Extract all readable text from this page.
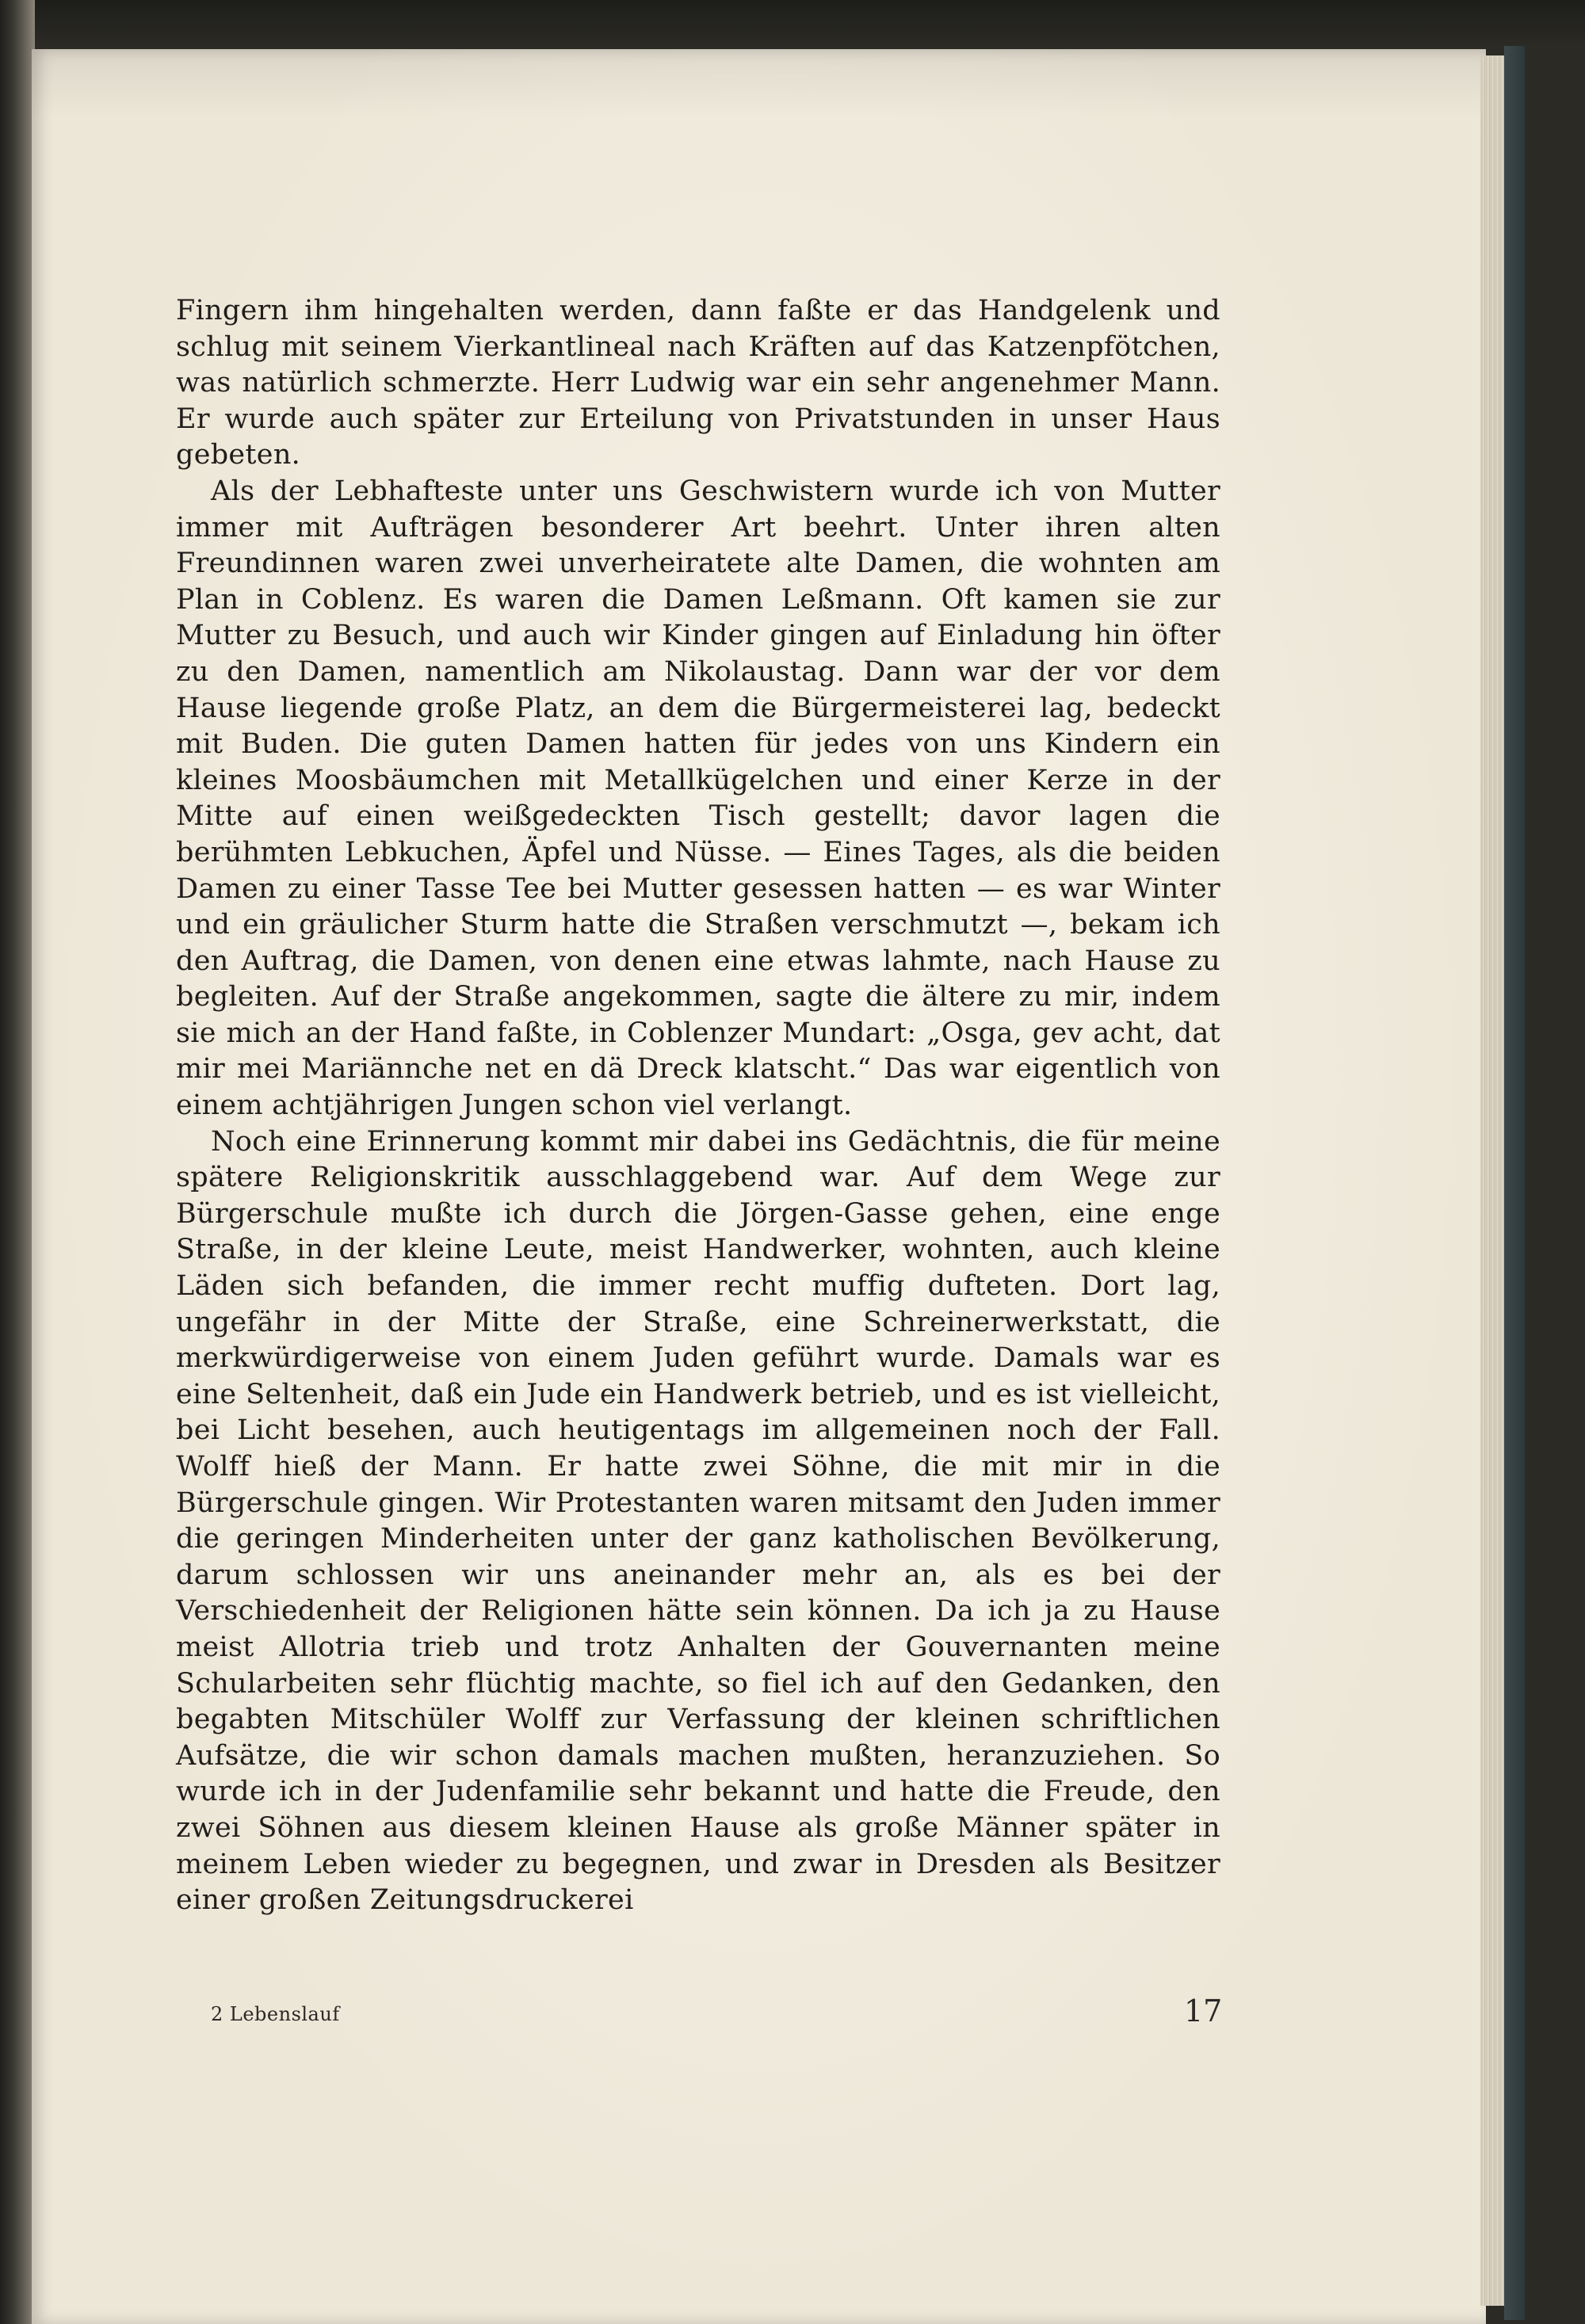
Fingern ihm hingehalten werden, dann faßte er das Handgelenk und schlug mit seinem Vierkantlineal nach Kräften auf das Katzenpfötchen, was natürlich schmerzte. Herr Ludwig war ein sehr angenehmer Mann. Er wurde auch später zur Erteilung von Privatstunden in unser Haus gebeten.

Als der Lebhafteste unter uns Geschwistern wurde ich von Mutter immer mit Aufträgen besonderer Art beehrt. Unter ihren alten Freundinnen waren zwei unverheiratete alte Damen, die wohnten am Plan in Coblenz. Es waren die Damen Leßmann. Oft kamen sie zur Mutter zu Besuch, und auch wir Kinder gingen auf Einladung hin öfter zu den Damen, namentlich am Nikolaustag. Dann war der vor dem Hause liegende große Platz, an dem die Bürgermeisterei lag, bedeckt mit Buden. Die guten Damen hatten für jedes von uns Kindern ein kleines Moosbäumchen mit Metallkügelchen und einer Kerze in der Mitte auf einen weißgedeckten Tisch gestellt; davor lagen die berühmten Lebkuchen, Äpfel und Nüsse. — Eines Tages, als die beiden Damen zu einer Tasse Tee bei Mutter gesessen hatten — es war Winter und ein gräulicher Sturm hatte die Straßen verschmutzt —, bekam ich den Auftrag, die Damen, von denen eine etwas lahmte, nach Hause zu begleiten. Auf der Straße angekommen, sagte die ältere zu mir, indem sie mich an der Hand faßte, in Coblenzer Mundart: „Osga, gev acht, dat mir mei Mariännche net en dä Dreck klatscht.“ Das war eigentlich von einem achtjährigen Jungen schon viel verlangt.

Noch eine Erinnerung kommt mir dabei ins Gedächtnis, die für meine spätere Religionskritik ausschlaggebend war. Auf dem Wege zur Bürgerschule mußte ich durch die Jörgen-Gasse gehen, eine enge Straße, in der kleine Leute, meist Handwerker, wohnten, auch kleine Läden sich befanden, die immer recht muffig dufteten. Dort lag, ungefähr in der Mitte der Straße, eine Schreinerwerkstatt, die merkwürdigerweise von einem Juden geführt wurde. Damals war es eine Seltenheit, daß ein Jude ein Handwerk betrieb, und es ist vielleicht, bei Licht besehen, auch heutigentags im allgemeinen noch der Fall. Wolff hieß der Mann. Er hatte zwei Söhne, die mit mir in die Bürgerschule gingen. Wir Protestanten waren mitsamt den Juden immer die geringen Minderheiten unter der ganz katholischen Bevölkerung, darum schlossen wir uns aneinander mehr an, als es bei der Verschiedenheit der Religionen hätte sein können. Da ich ja zu Hause meist Allotria trieb und trotz Anhalten der Gouvernanten meine Schularbeiten sehr flüchtig machte, so fiel ich auf den Gedanken, den begabten Mitschüler Wolff zur Verfassung der kleinen schriftlichen Aufsätze, die wir schon damals machen mußten, heranzuziehen. So wurde ich in der Judenfamilie sehr bekannt und hatte die Freude, den zwei Söhnen aus diesem kleinen Hause als große Männer später in meinem Leben wieder zu begegnen, und zwar in Dresden als Besitzer einer großen Zeitungsdruckerei

2 Lebenslauf	17
